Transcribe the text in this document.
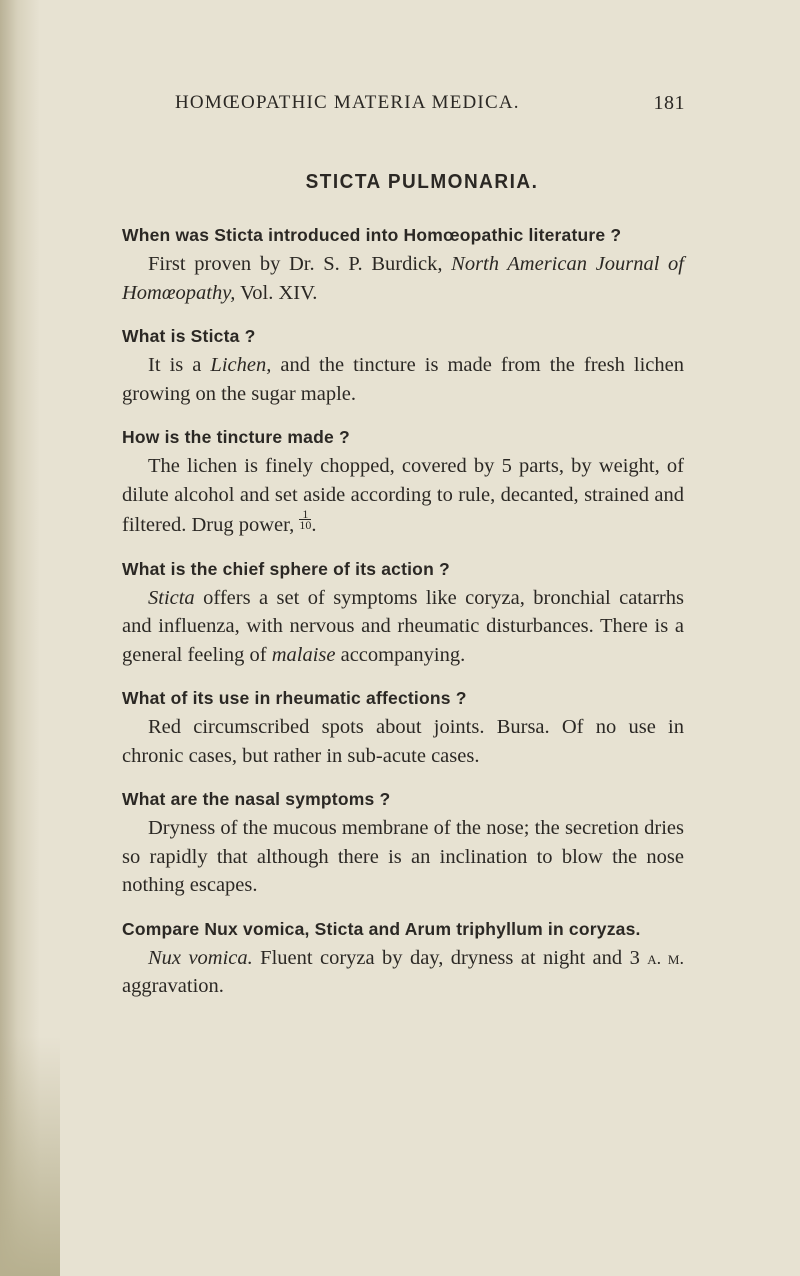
HOMŒOPATHIC MATERIA MEDICA.	181
STICTA PULMONARIA.

When was Sticta introduced into Homœopathic literature ?

First proven by Dr. S. P. Burdick, North American Journal of Homœopathy, Vol. XIV.

What is Sticta ?

It is a Lichen, and the tincture is made from the fresh lichen growing on the sugar maple.

How is the tincture made ?

The lichen is finely chopped, covered by 5 parts, by weight, of dilute alcohol and set aside according to rule, decanted, strained and filtered. Drug power, $\frac{1}{10}$ .

What is the chief sphere of its action ?

Sticta offers a set of symptoms like coryza, bronchial catarrhs and influenza, with nervous and rheumatic disturbances. There is a general feeling of malaise accompanying.

What of its use in rheumatic affections ?

Red circumscribed spots about joints. Bursa. Of no use in chronic cases, but rather in sub-acute cases.

What are the nasal symptoms ?

Dryness of the mucous membrane of the nose; the secretion dries so rapidly that although there is an inclination to blow the nose nothing escapes.

Compare Nux vomica, Sticta and Arum triphyllum in coryzas.

Nux vomica. Fluent coryza by day, dryness at night and 3 a. m. aggravation.
